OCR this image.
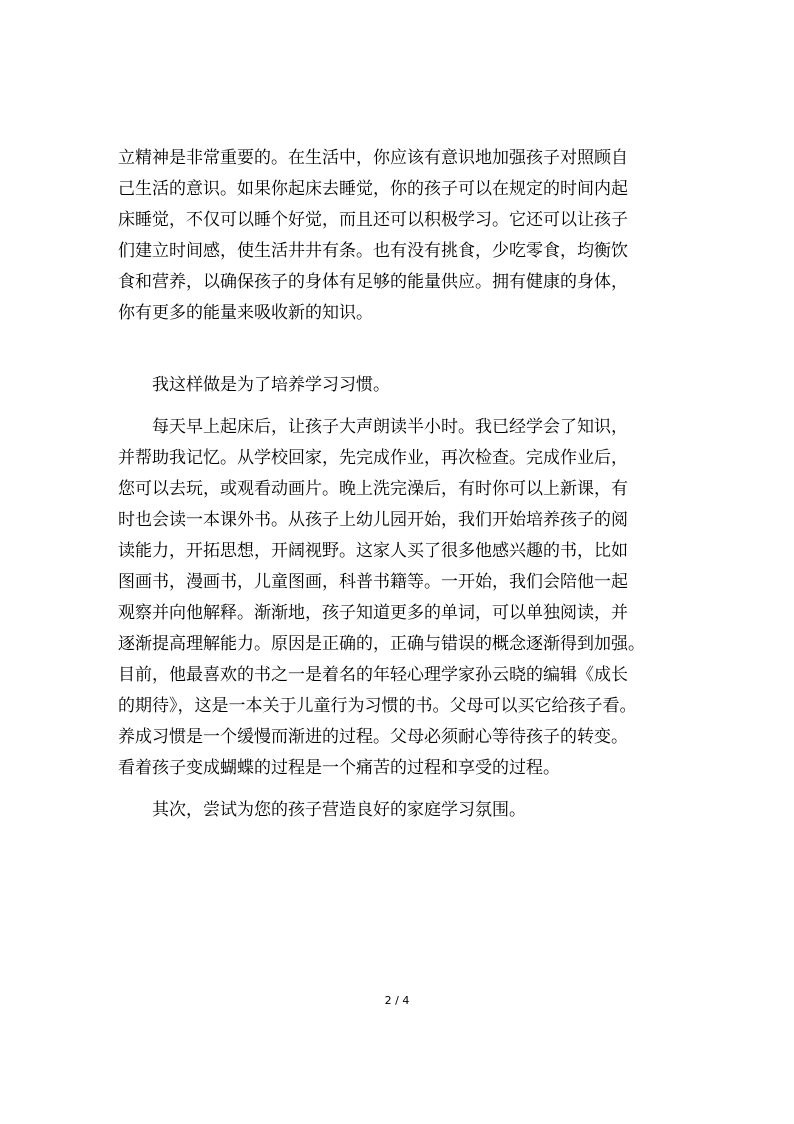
立精神是非常重要的。在生活中，你应该有意识地加强孩子对照顾自
己生活的意识。如果你起床去睡觉，你的孩子可以在规定的时间内起
床睡觉，不仅可以睡个好觉，而且还可以积极学习。它还可以让孩子
们建立时间感，使生活井井有条。也有没有挑食，少吃零食，均衡饮
食和营养，以确保孩子的身体有足够的能量供应。拥有健康的身体，
你有更多的能量来吸收新的知识。
我这样做是为了培养学习习惯。
每天早上起床后，让孩子大声朗读半小时。我已经学会了知识，
并帮助我记忆。从学校回家，先完成作业，再次检查。完成作业后，
您可以去玩，或观看动画片。晚上洗完澡后，有时你可以上新课，有
时也会读一本课外书。从孩子上幼儿园开始，我们开始培养孩子的阅
读能力，开拓思想，开阔视野。这家人买了很多他感兴趣的书，比如
图画书，漫画书，儿童图画，科普书籍等。一开始，我们会陪他一起
观察并向他解释。渐渐地，孩子知道更多的单词，可以单独阅读，并
逐渐提高理解能力。原因是正确的，正确与错误的概念逐渐得到加强。
目前，他最喜欢的书之一是着名的年轻心理学家孙云晓的编辑《成长
的期待》，这是一本关于儿童行为习惯的书。父母可以买它给孩子看。
养成习惯是一个缓慢而渐进的过程。父母必须耐心等待孩子的转变。
看着孩子变成蝴蝶的过程是一个痛苦的过程和享受的过程。
其次，尝试为您的孩子营造良好的家庭学习氛围。
2 / 4
